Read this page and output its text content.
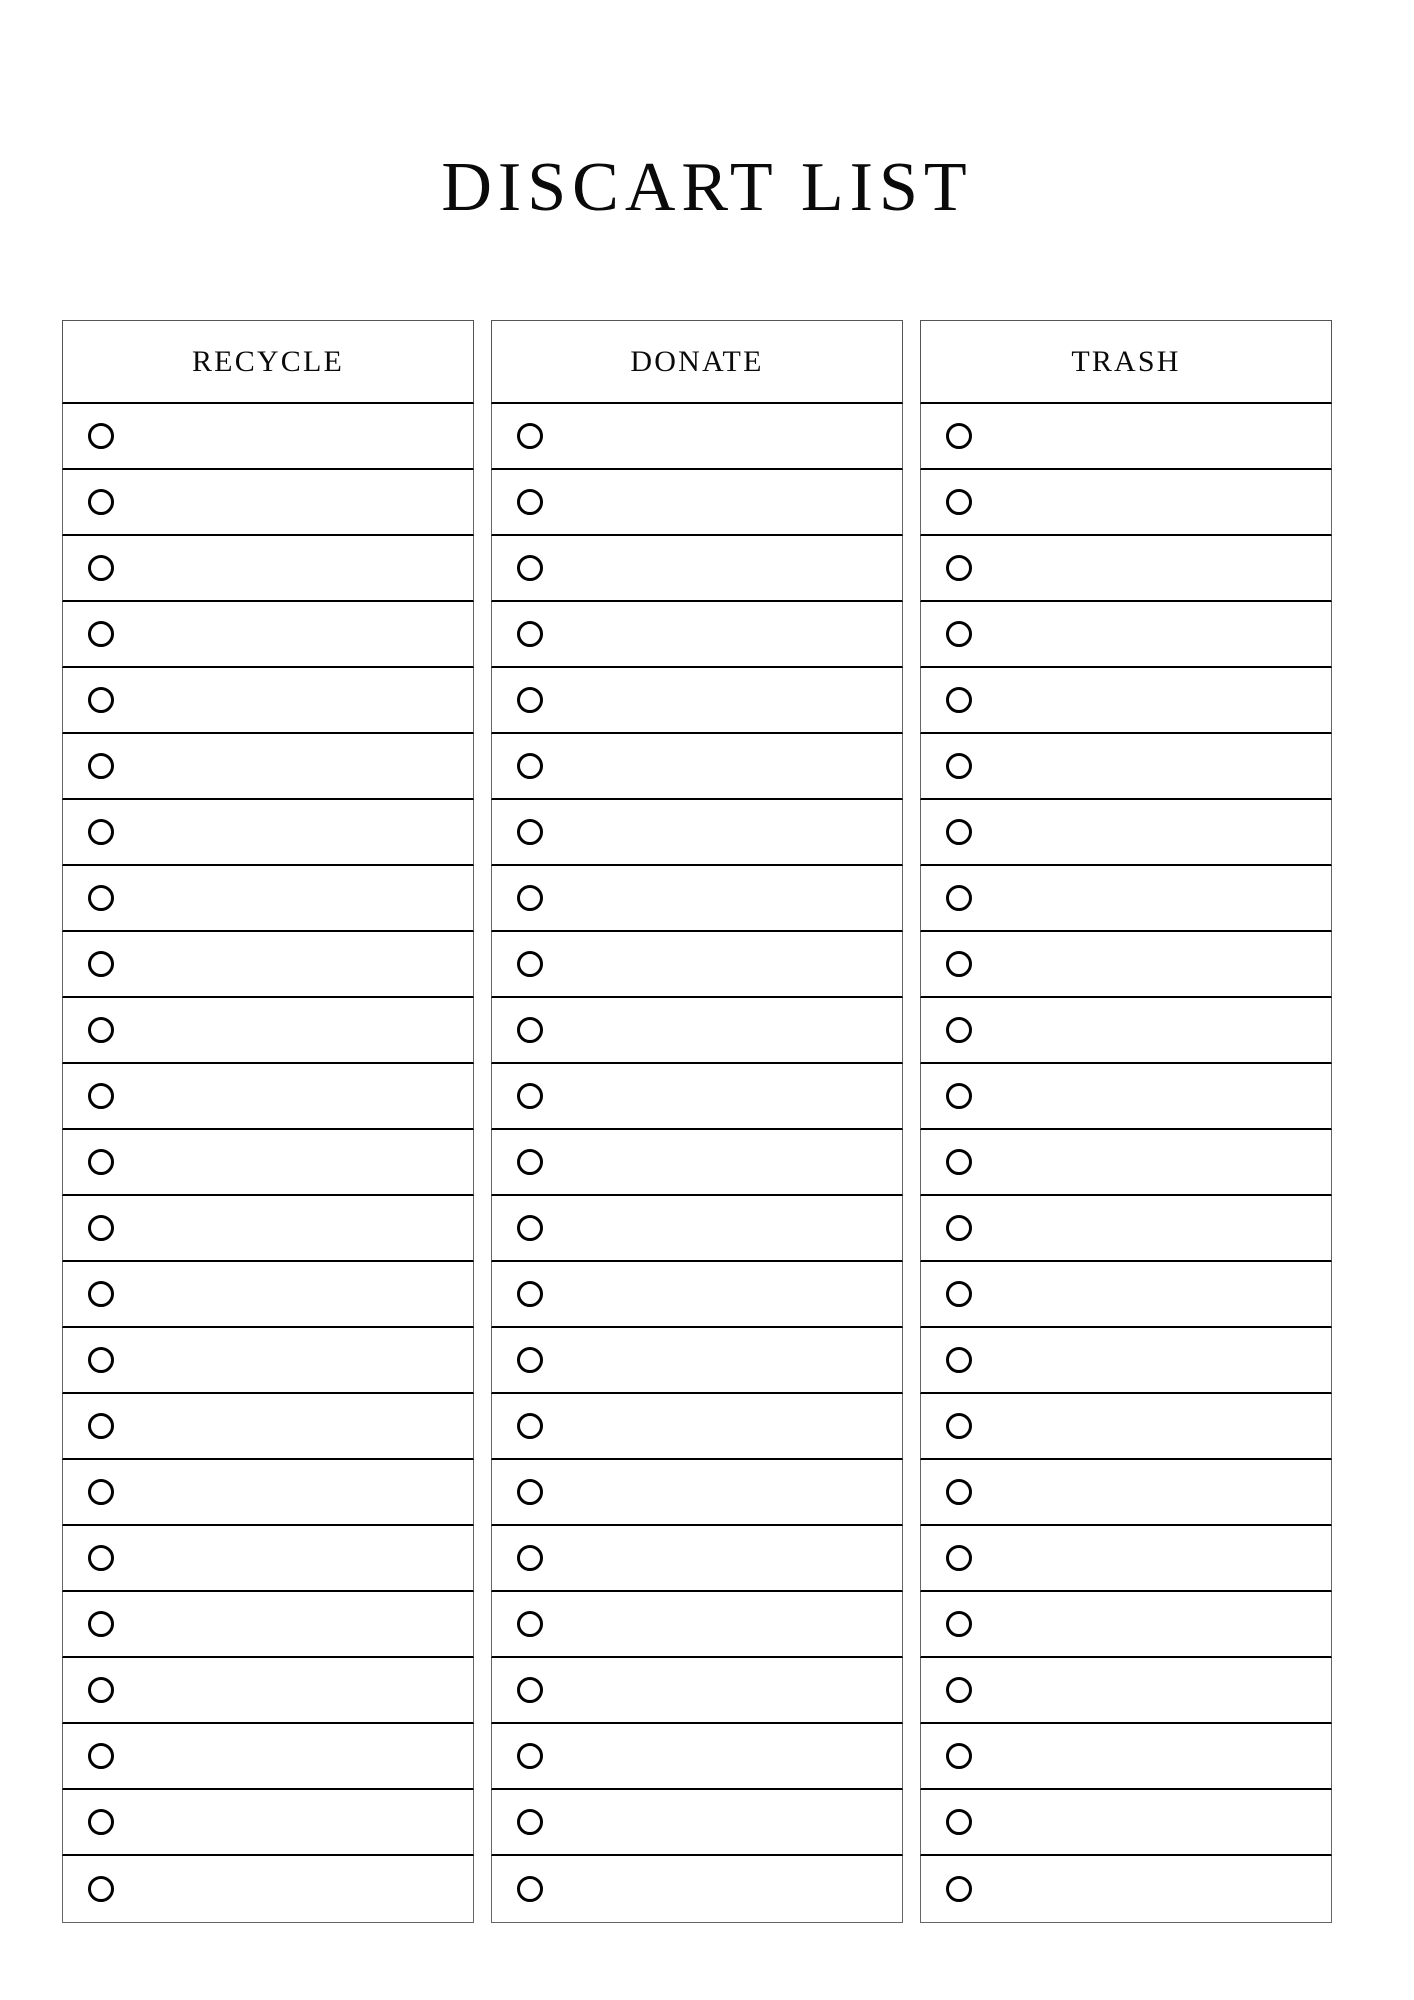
DISCART LIST
RECYCLE	DONATE	TRASH
